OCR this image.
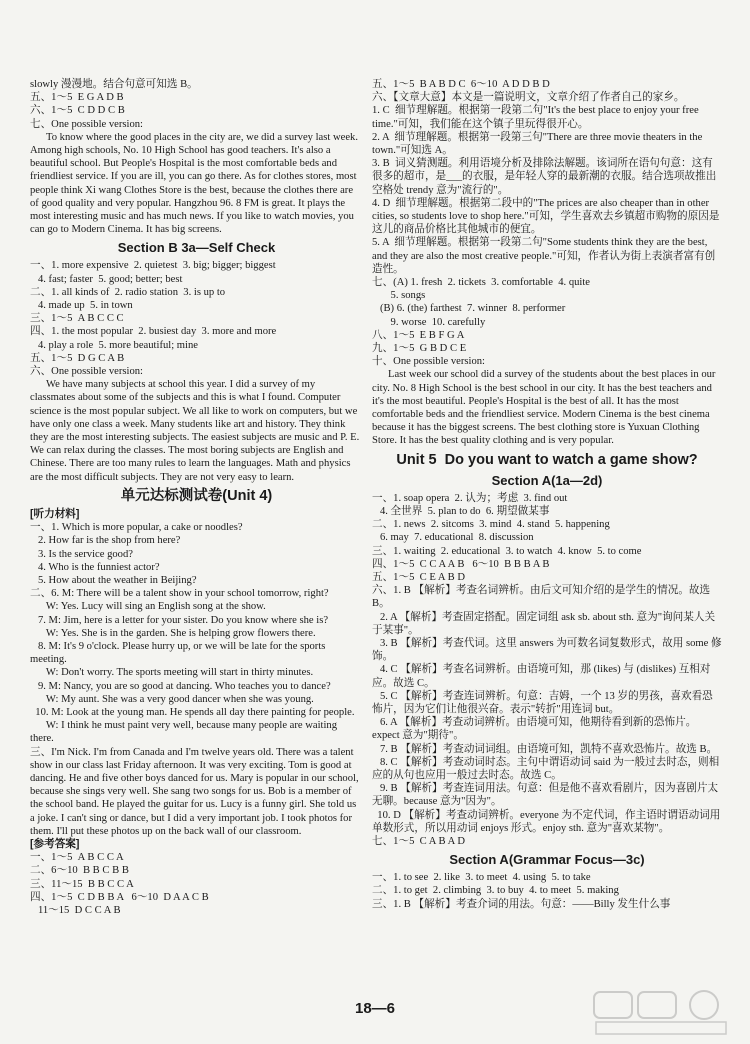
slowly 漫漫地。结合句意可知选 B。
五、1～5  E G A D B
六、1～5  C D D C B
七、One possible version:
To know where the good places in the city are, we did a survey last week. Among high schools, No. 10 High School has good teachers. It's also a beautiful school. But People's Hospital is the most comfortable beds and friendliest service. If you are ill, you can go there. As for clothes stores, most people think Xi wang Clothes Store is the best, because the clothes there are of good quality and very popular. Hangzhou 96. 8 FM is great. It plays the most interesting music and has much news. If you like to watch movies, you can go to Modern Cinema. It has big screens.
Section B 3a—Self Check
一、1. more expensive  2. quietest  3. big; bigger; biggest
4. fast; faster  5. good; better; best
二、1. all kinds of  2. radio station  3. is up to
4. made up  5. in town
三、1～5  A B C C C
四、1. the most popular  2. busiest day  3. more and more
4. play a role  5. more beautiful; mine
五、1～5  D G C A B
六、One possible version:
We have many subjects at school this year. I did a survey of my classmates about some of the subjects and this is what I found. Computer science is the most popular subject. We all like to work on computers, but we have only one class a week. Many students like art and history. They think they are the most interesting subjects. The easiest subjects are music and P. E. We can relax during the classes. The most boring subjects are English and Chinese. There are too many rules to learn the languages. Math and physics are the most difficult subjects. They are not very easy to learn.
单元达标测试卷(Unit 4)
[听力材料]
一、1. Which is more popular, a cake or noodles?
2. How far is the shop from here?
3. Is the service good?
4. Who is the funniest actor?
5. How about the weather in Beijing?
二、6. M: There will be a talent show in your school tomorrow, right?
W: Yes. Lucy will sing an English song at the show.
7. M: Jim, here is a letter for your sister. Do you know where she is?
W: Yes. She is in the garden. She is helping grow flowers there.
8. M: It's 9 o'clock. Please hurry up, or we will be late for the sports meeting.
W: Don't worry. The sports meeting will start in thirty minutes.
9. M: Nancy, you are so good at dancing. Who teaches you to dance?
W: My aunt. She was a very good dancer when she was young.
10. M: Look at the young man. He spends all day there painting for people.
W: I think he must paint very well, because many people are waiting there.
三、I'm Nick. I'm from Canada and I'm twelve years old. There was a talent show in our class last Friday afternoon. It was very exciting. Tom is good at dancing. He and five other boys danced for us. Mary is popular in our school, because she sings very well. She sang two songs for us. Bob is a member of the school band. He played the guitar for us. Lucy is a funny girl. She told us a joke. I can't sing or dance, but I did a very important job. I took photos for them. I'll put these photos up on the back wall of our classroom.
[参考答案]
一、1～5  A B C C A
二、6～10  B B C B B
三、11～15  B B C C A
四、1～5  C D B B A   6～10  D A A C B
11～15  D C C A B
五、1～5  B A B D C  6～10  A D D B D
六、【文章大意】本文是一篇说明文，文章介绍了作者自己的家乡。
1. C  细节理解题。根据第一段第二句"It's the best place to enjoy your free time."可知，我们能在这个镇子里玩得很开心。
2. A  细节理解题。根据第一段第三句"There are three movie theaters in the town."可知选 A。
3. B  词义猜测题。利用语境分析及排除法解题。该词所在语句句意：这有很多的超市，是___的衣服，是年轻人穿的最新潮的衣服。结合选项故推出空格处 trendy 意为"流行的"。
4. D  细节理解题。根据第二段中的"The prices are also cheaper than in other cities, so students love to shop here."可知，学生喜欢去乡镇超市购物的原因是这儿的商品价格比其他城市的便宜。
5. A  细节理解题。根据第一段第二句"Some students think they are the best, and they are also the most creative people."可知，作者认为街上表演者富有创造性。
七、(A) 1. fresh  2. tickets  3. comfortable  4. quite
5. songs
(B) 6. (the) farthest  7. winner  8. performer
9. worse  10. carefully
八、1～5  E B F G A
九、1～5  G B D C E
十、One possible version:
Last week our school did a survey of the students about the best places in our city. No. 8 High School is the best school in our city. It has the best teachers and it's the most beautiful. People's Hospital is the best of all. It has the most comfortable beds and the friendliest service. Modern Cinema is the best cinema because it has the biggest screens. The best clothing store is Yuxuan Clothing Store. It has the best quality clothing and is very popular.
Unit 5  Do you want to watch a game show?
Section A(1a—2d)
一、1. soap opera  2. 认为；考虑  3. find out
4. 全世界  5. plan to do  6. 期望做某事
二、1. news  2. sitcoms  3. mind  4. stand  5. happening
6. may  7. educational  8. discussion
三、1. waiting  2. educational  3. to watch  4. know  5. to come
四、1～5  C C A A B   6～10  B B B A B
五、1～5  C E A B D
六、1. B 【解析】考查名词辨析。由后文可知介绍的是学生的情况。故选 B。
2. A 【解析】考查固定搭配。固定词组 ask sb. about sth. 意为"询问某人关于某事"。
3. B 【解析】考查代词。这里 answers 为可数名词复数形式，故用 some 修饰。
4. C 【解析】考查名词辨析。由语境可知，那 (likes) 与 (dislikes) 互相对应。故选 C。
5. C 【解析】考查连词辨析。句意：吉姆，一个 13 岁的男孩，喜欢看恐怖片，因为它们让他很兴奋。表示"转折"用连词 but。
6. A 【解析】考查动词辨析。由语境可知，他期待看到新的恐怖片。expect 意为"期待"。
7. B 【解析】考查动词词组。由语境可知，凯特不喜欢恐怖片。故选 B。
8. C 【解析】考查动词时态。主句中谓语动词 said 为一般过去时态，则相应的从句也应用一般过去时态。故选 C。
9. B 【解析】考查连词用法。句意：但是他不喜欢看剧片，因为喜剧片太无聊。because 意为"因为"。
10. D 【解析】考查动词辨析。everyone 为不定代词，作主语时谓语动词用单数形式，所以用动词 enjoys 形式。enjoy sth. 意为"喜欢某物"。
七、1～5  C A B A D
Section A(Grammar Focus—3c)
一、1. to see  2. like  3. to meet  4. using  5. to take
二、1. to get  2. climbing  3. to buy  4. to meet  5. making
三、1. B 【解析】考查介词的用法。句意：——Billy 发生什么事
18—6
